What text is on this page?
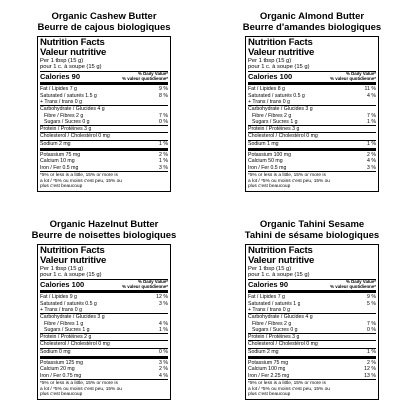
Organic Cashew Butter
Beurre de cajous biologiques
Nutrition Facts
Valeur nutritive
Per 1 tbsp (15 g)
pour 1 c. à soupe (15 g)
Calories 90	% Daily Value*
% valeur quotidienne*
Fat / Lipides 7 g	9 %
Saturated / saturés 1.5 g	8 %
+ Trans / trans 0 g
Carbohydrate / Glucides 4 g
Fibre / Fibres 2 g	7 %
Sugars / Sucres 0 g	0 %
Protein / Protéines 3 g
Cholesterol / Cholestérol 0 mg
Sodium 2 mg	1 %
Potassium 75 mg	2 %
Calcium 10 mg	1 %
Iron / Fer 0.5 mg	3 %
*5% or less is a little, 15% or more is
a lot / *5% ou moins c'est peu, 15% ou
plus c'est beaucoup
Organic Almond Butter
Beurre d'amandes biologiques
Nutrition Facts
Valeur nutritive
Per 1 tbsp (15 g)
pour 1 c. à soupe (15 g)
Calories 100	% Daily Value*
% valeur quotidienne*
Fat / Lipides 8 g	11 %
Saturated / saturés 0.5 g	4 %
+ Trans / trans 0 g
Carbohydrate / Glucides 3 g
Fibre / Fibres 2 g	7 %
Sugars / Sucres 1 g	1 %
Protein / Protéines 3 g
Cholesterol / Cholestérol 0 mg
Sodium 1 mg	1 %
Potassium 100 mg	2 %
Calcium 50 mg	4 %
Iron / Fer 0.5 mg	3 %
*5% or less is a little, 15% or more is
a lot / *5% ou moins c'est peu, 15% ou
plus c'est beaucoup
Organic Hazelnut Butter
Beurre de noisettes biologiques
Nutrition Facts
Valeur nutritive
Per 1 tbsp (15 g)
pour 1 c. à soupe (15 g)
Calories 100	% Daily Value*
% valeur quotidienne*
Fat / Lipides 9 g	12 %
Saturated / saturés 0.5 g	3 %
+ Trans / trans 0 g
Carbohydrate / Glucides 3 g
Fibre / Fibres 1 g	4 %
Sugars / Sucres 1 g	1 %
Protein / Protéines 2 g
Cholesterol / Cholestérol 0 mg
Sodium 0 mg	0 %
Potassium 125 mg	3 %
Calcium 20 mg	2 %
Iron / Fer 0.75 mg	4 %
*5% or less is a little, 15% or more is
a lot / *5% ou moins c'est peu, 15% ou
plus c'est beaucoup
Organic Tahini Sesame
Tahini de sésame biologiques
Nutrition Facts
Valeur nutritive
Per 1 tbsp (15 g)
pour 1 c. à soupe (15 g)
Calories 90	% Daily Value*
% valeur quotidienne*
Fat / Lipides 7 g	9 %
Saturated / saturés 1 g	5 %
+ Trans / trans 0 g
Carbohydrate / Glucides 4 g
Fibre / Fibres 2 g	7 %
Sugars / Sucres 0 g	0 %
Protein / Protéines 3 g
Cholesterol / Cholestérol 0 mg
Sodium 2 mg	1 %
Potassium 75 mg	2 %
Calcium 100 mg	12 %
Iron / Fer 2.25 mg	13 %
*5% or less is a little, 15% or more is
a lot / *5% ou moins c'est peu, 15% ou
plus c'est beaucoup
